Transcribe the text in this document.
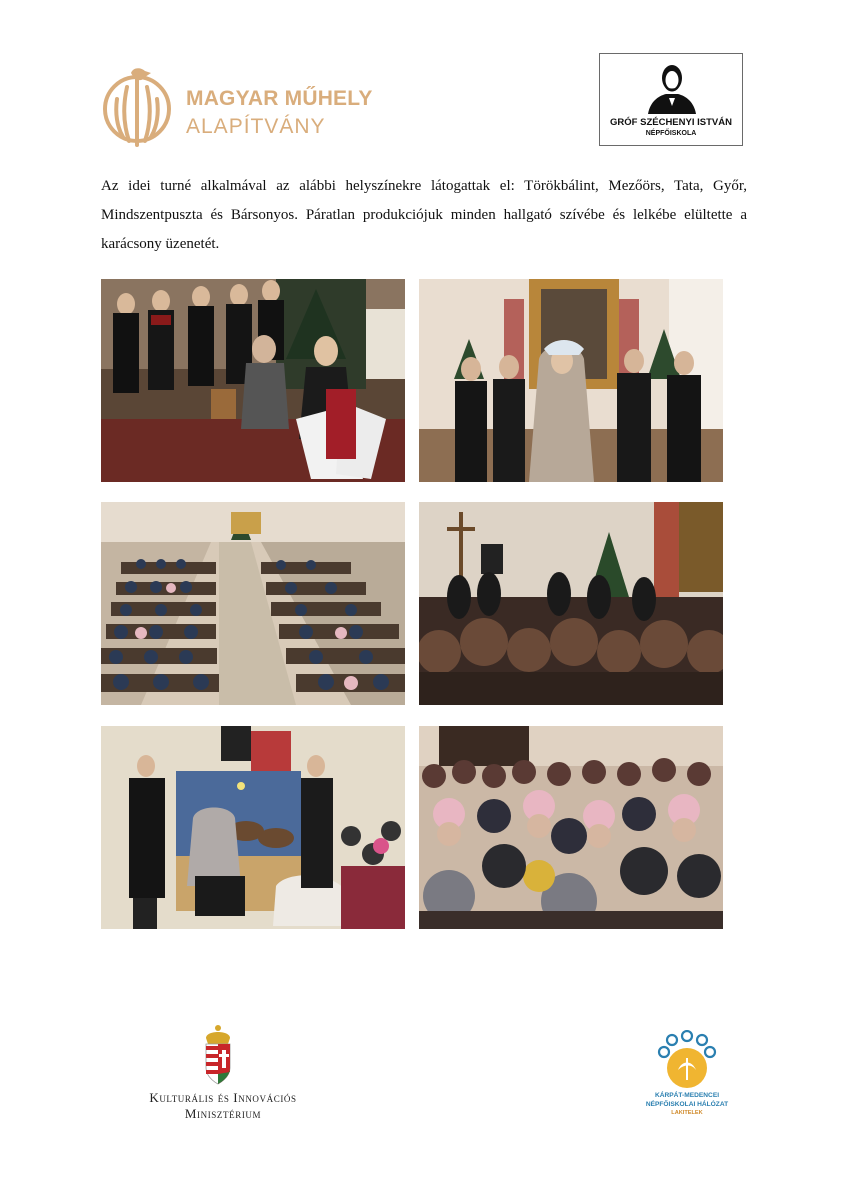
MAGYAR MŰHELY
ALAPÍTVÁNY	GRÓF SZÉCHENYI ISTVÁN
NÉPFŐISKOLA

Az idei turné alkalmával az alábbi helyszínekre látogattak el: Törökbálint, Mezőörs, Tata, Győr, Mindszentpuszta és Bársonyos. Páratlan produkciójuk minden hallgató szívébe és lelkébe elültette a karácsony üzenetét.

Kulturális és Innovációs
Minisztérium
KÁRPÁT-MEDENCEI
NÉPFŐISKOLAI HÁLÓZAT
LAKITELEK
